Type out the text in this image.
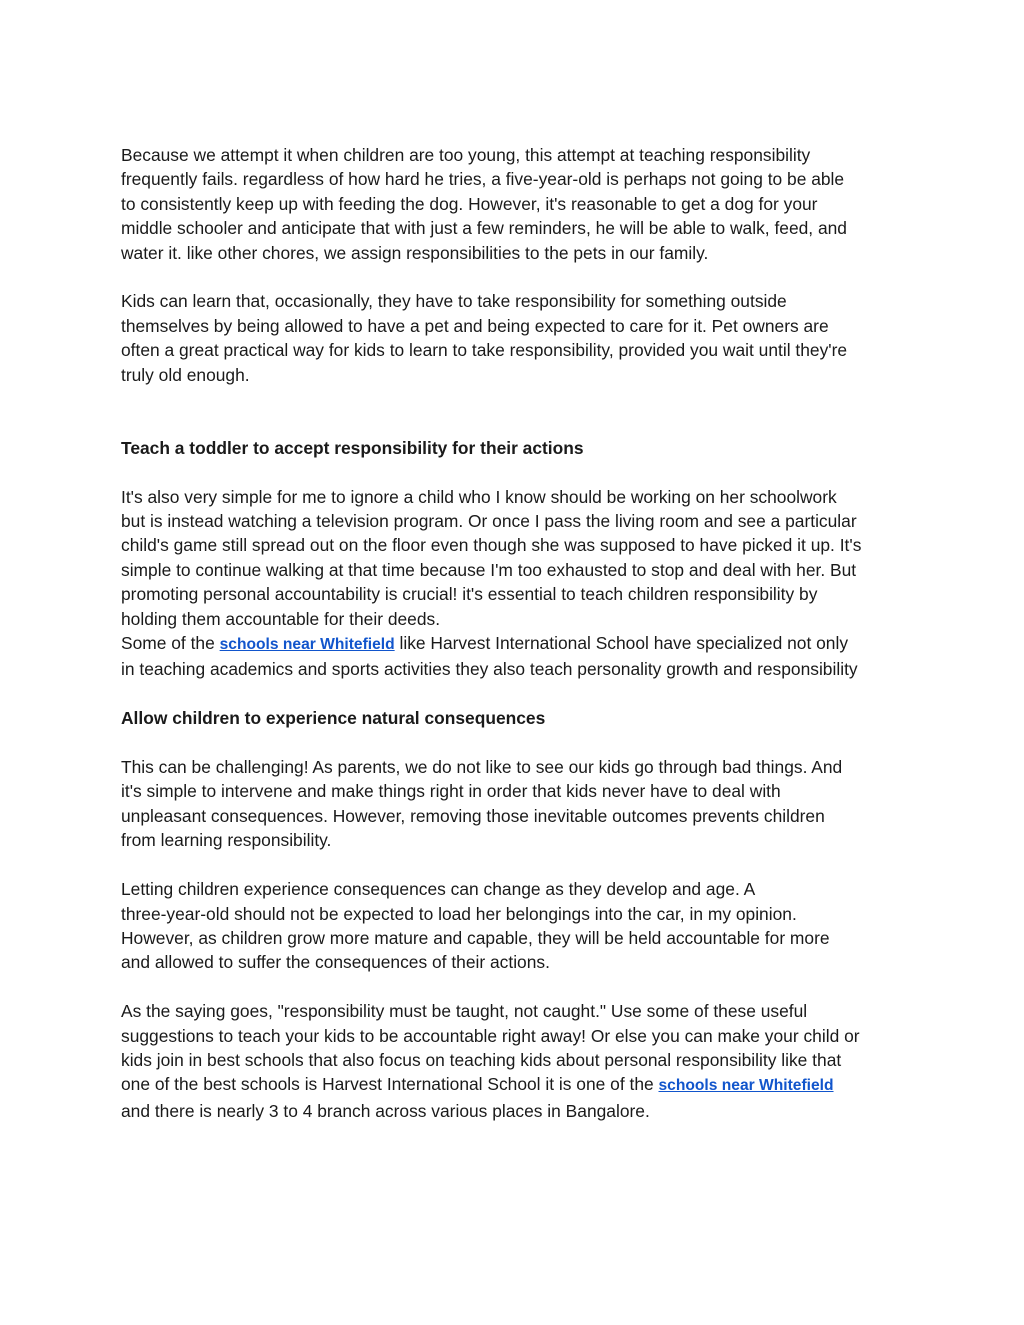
Because we attempt it when children are too young, this attempt at teaching responsibility
frequently fails. regardless of how hard he tries, a five-year-old is perhaps not going to be able
to consistently keep up with feeding the dog. However, it's reasonable to get a dog for your
middle schooler and anticipate that with just a few reminders, he will be able to walk, feed, and
water it. like other chores, we assign responsibilities to the pets in our family.

Kids can learn that, occasionally, they have to take responsibility for something outside
themselves by being allowed to have a pet and being expected to care for it. Pet owners are
often a great practical way for kids to learn to take responsibility, provided you wait until they're
truly old enough.

Teach a toddler to accept responsibility for their actions

It's also very simple for me to ignore a child who I know should be working on her schoolwork
but is instead watching a television program. Or once I pass the living room and see a particular
child's game still spread out on the floor even though she was supposed to have picked it up. It's
simple to continue walking at that time because I'm too exhausted to stop and deal with her. But
promoting personal accountability is crucial! it's essential to teach children responsibility by
holding them accountable for their deeds.
Some of the schools near Whitefield like Harvest International School have specialized not only
in teaching academics and sports activities they also teach personality growth and responsibility

Allow children to experience natural consequences

This can be challenging! As parents, we do not like to see our kids go through bad things. And
it's simple to intervene and make things right in order that kids never have to deal with
unpleasant consequences. However, removing those inevitable outcomes prevents children
from learning responsibility.

Letting children experience consequences can change as they develop and age. A
three-year-old should not be expected to load her belongings into the car, in my opinion.
However, as children grow more mature and capable, they will be held accountable for more
and allowed to suffer the consequences of their actions.

As the saying goes, "responsibility must be taught, not caught." Use some of these useful
suggestions to teach your kids to be accountable right away! Or else you can make your child or
kids join in best schools that also focus on teaching kids about personal responsibility like that
one of the best schools is Harvest International School it is one of the schools near Whitefield
and there is nearly 3 to 4 branch across various places in Bangalore.
